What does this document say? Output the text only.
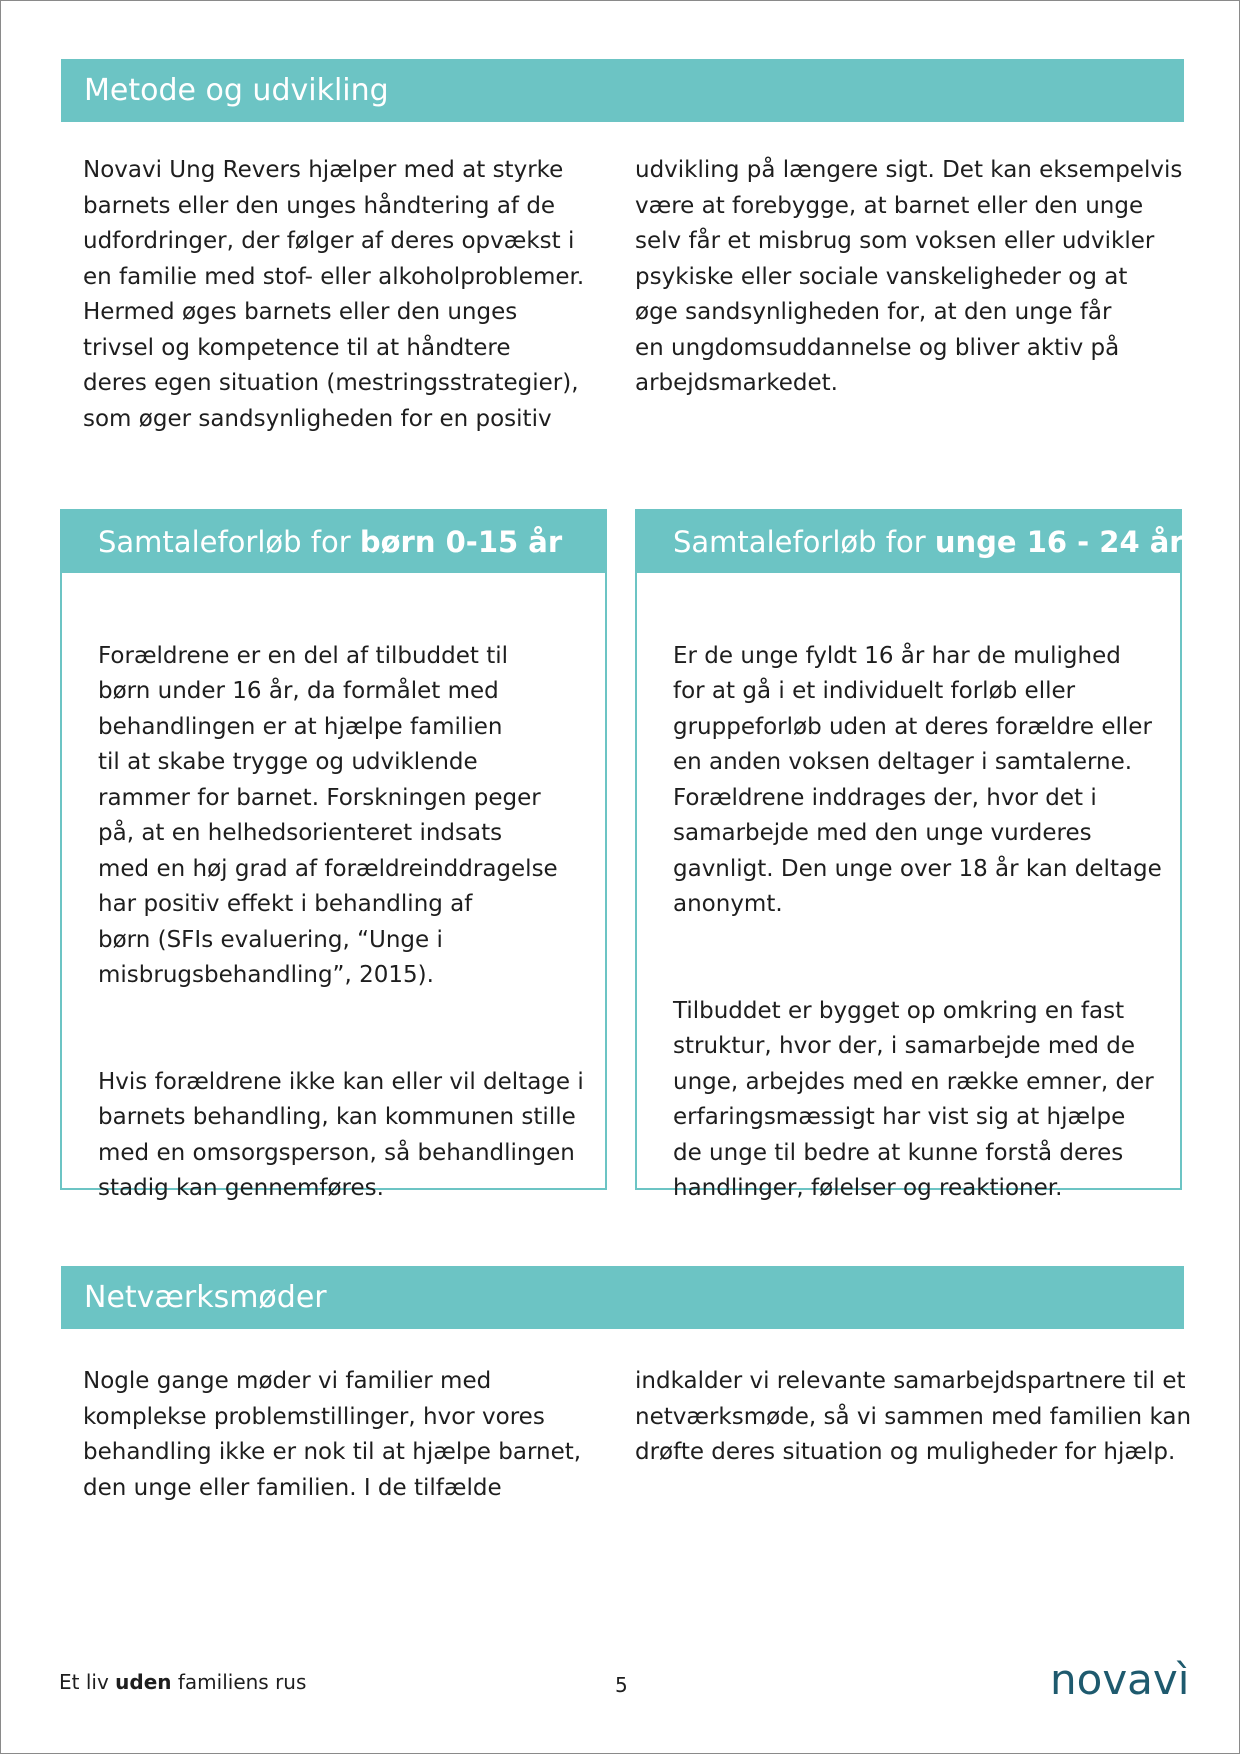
Metode og udvikling
Novavi Ung Revers hjælper med at styrke
barnets eller den unges håndtering af de
udfordringer, der følger af deres opvækst i
en familie med stof- eller alkoholproblemer.
Hermed øges barnets eller den unges
trivsel og kompetence til at håndtere
deres egen situation (mestringsstrategier),
som øger sandsynligheden for en positiv
udvikling på længere sigt. Det kan eksempelvis
være at forebygge, at barnet eller den unge
selv får et misbrug som voksen eller udvikler
psykiske eller sociale vanskeligheder og at
øge sandsynligheden for, at den unge får
en ungdomsuddannelse og bliver aktiv på
arbejdsmarkedet.
Samtaleforløb for børn 0-15 år

Forældrene er en del af tilbuddet til
børn under 16 år, da formålet med
behandlingen er at hjælpe familien
til at skabe trygge og udviklende
rammer for barnet. Forskningen peger
på, at en helhedsorienteret indsats
med en høj grad af forældreinddragelse
har positiv effekt i behandling af
børn (SFIs evaluering, “Unge i
misbrugsbehandling”, 2015).

Hvis forældrene ikke kan eller vil deltage i
barnets behandling, kan kommunen stille
med en omsorgsperson, så behandlingen
stadig kan gennemføres.

Samtaleforløb for unge 16 - 24 år

Er de unge fyldt 16 år har de mulighed
for at gå i et individuelt forløb eller
gruppeforløb uden at deres forældre eller
en anden voksen deltager i samtalerne.
Forældrene inddrages der, hvor det i
samarbejde med den unge vurderes
gavnligt. Den unge over 18 år kan deltage
anonymt.

Tilbuddet er bygget op omkring en fast
struktur, hvor der, i samarbejde med de
unge, arbejdes med en række emner, der
erfaringsmæssigt har vist sig at hjælpe
de unge til bedre at kunne forstå deres
handlinger, følelser og reaktioner.

Netværksmøder
Nogle gange møder vi familier med
komplekse problemstillinger, hvor vores
behandling ikke er nok til at hjælpe barnet,
den unge eller familien. I de tilfælde
indkalder vi relevante samarbejdspartnere til et
netværksmøde, så vi sammen med familien kan
drøfte deres situation og muligheder for hjælp.
Et liv uden familiens rus	5	novavì
